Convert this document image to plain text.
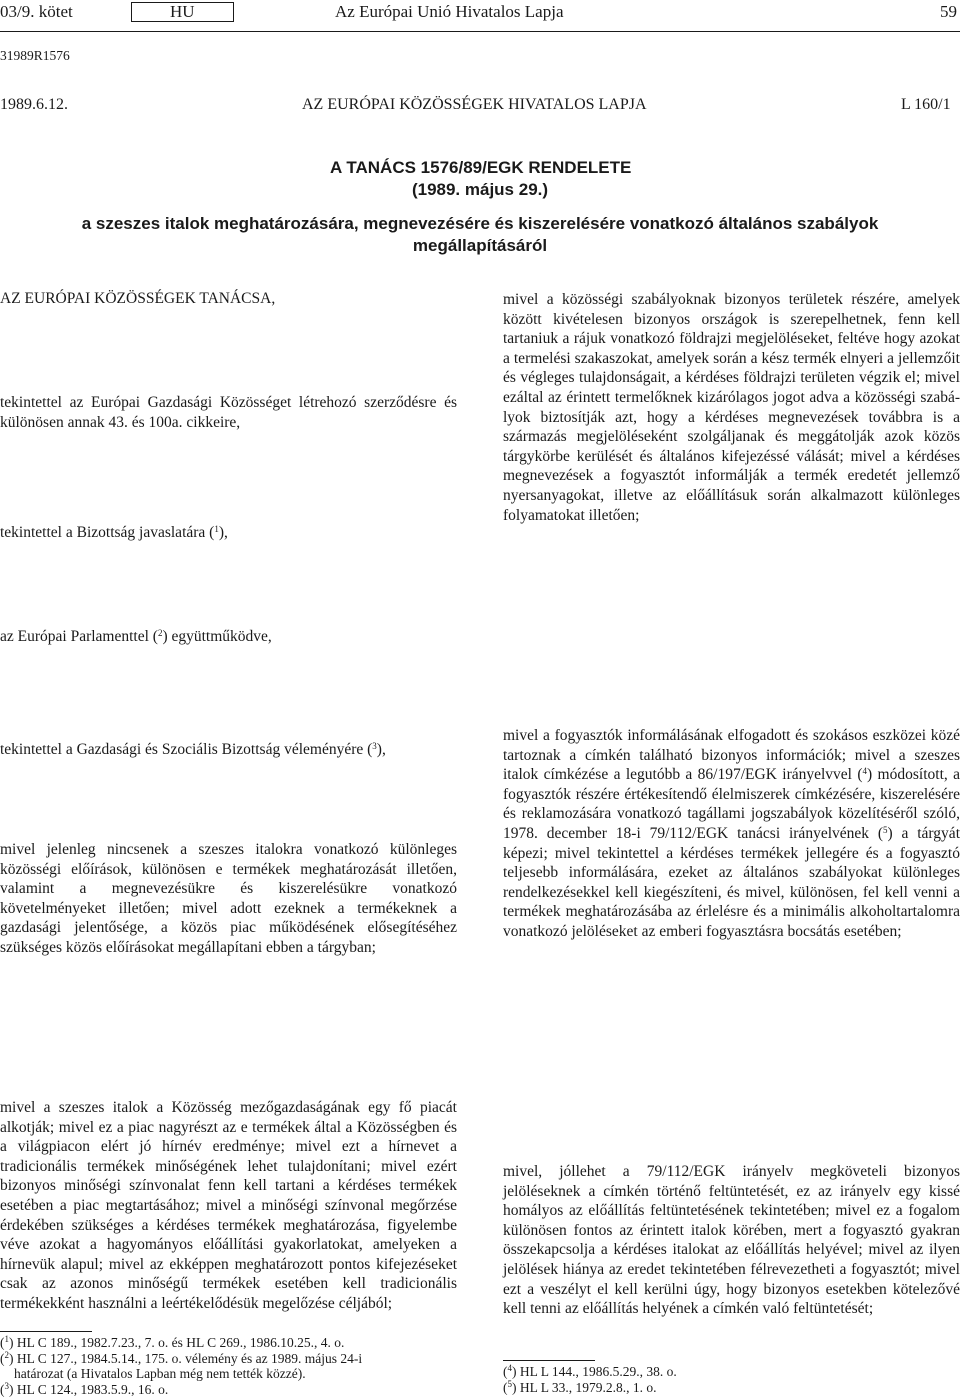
03/9. kötet	HU	Az Európai Unió Hivatalos Lapja	59
31989R1576
1989.6.12.	AZ EURÓPAI KÖZÖSSÉGEK HIVATALOS LAPJA	L 160/1
A TANÁCS 1576/89/EGK RENDELETE
(1989. május 29.)
a szeszes italok meghatározására, megnevezésére és kiszerelésére vonatkozó általános szabályok
megállapításáról
AZ EURÓPAI KÖZÖSSÉGEK TANÁCSA,

tekintettel az Európai Gazdasági Közösséget létrehozó szerződésre és különösen annak 43. és 100a. cikkeire,

tekintettel a Bizottság javaslatára ($^1$),
az Európai Parlamenttel ($^2$) együttműködve,
tekintettel a Gazdasági és Szociális Bizottság véleményére ($^3$),

mivel jelenleg nincsenek a szeszes italokra vonatkozó különleges közösségi előírások, különösen e termékek meghatározását illetően, valamint a megnevezésükre és kiszerelésükre vonatkozó követelményeket illetően; mivel adott ezeknek a termékeknek a gazdasági jelentősége, a közös piac működésének elősegítéséhez szükséges közös előírásokat megállapítani ebben a tárgyban;

mivel a szeszes italok a Közösség mezőgazdaságának egy fő piacát alkotják; mivel ez a piac nagyrészt az e termékek által a Közösségben és a világpiacon elért jó hírnév eredménye; mivel ezt a hírnevet a tradicionális termékek minőségének lehet tulajdonítani; mivel ezért bizonyos minőségi színvonalat fenn kell tartani a kérdéses termékek esetében a piac megtartásához; mivel a minőségi színvonal megőrzése érdekében szükséges a kérdéses termékek meghatározása, figyelembe véve azokat a hagyományos előállítási gyakorlatokat, amelyeken a hírnevük alapul; mivel az ekképpen meghatározott pontos kifejezéseket csak az azonos minőségű termékek esetében kell tradicionális termékekként használni a leértékelődésük megelőzése céljából;

mivel a közösségi szabályoknak bizonyos területek részére, amelyek között kivételesen bizonyos országok is szerepelhetnek, fenn kell tartaniuk a rájuk vonatkozó földrajzi megjelöléseket, feltéve hogy azokat a termelési szakaszokat, amelyek során a kész termék elnyeri a jellemzőit és végleges tulajdonságait, a kérdéses földrajzi területen végzik el; mivel ezáltal az érintett termelőknek kizárólagos jogot adva a közösségi szabályok biztosítják azt, hogy a kérdéses megnevezések továbbra is a származás megjelöléseként szolgáljanak és meggátolják azok közös tárgykörbe kerülését és általános kifejezéssé válását; mivel a kérdéses megnevezések a fogyasztót informálják a termék eredetét jellemző nyersanyagokat, illetve az előállításuk során alkalmazott különleges folyamatokat illetően;

mivel a fogyasztók informálásának elfogadott és szokásos eszközei közé tartoznak a címkén található bizonyos információk; mivel a szeszes italok címkézése a legutóbb a 86/197/EGK irányelvvel ($^4$) módosított, a fogyasztók részére értékesítendő élelmiszerek címkézésére, kiszerelésére és reklamozására vonatkozó tagállami jogszabályok közelítéséről szóló, 1978. december 18-i 79/112/EGK tanácsi irányelvének ($^5$) a tárgyát képezi; mivel tekintettel a kérdéses termékek jellegére és a fogyasztó teljesebb informálására, ezeket az általános szabályokat különleges rendelkezésekkel kell kiegészíteni, és mivel, különösen, fel kell venni a termékek meghatározásába az érlelésre és a minimális alkoholtartalomra vonatkozó jelöléseket az emberi fogyasztásra bocsátás esetében;

mivel, jóllehet a 79/112/EGK irányelv megköveteli bizonyos jelöléseknek a címkén történő feltüntetését, ez az irányelv egy kissé homályos az előállítás feltüntetésének tekintetében; mivel ez a fogalom különösen fontos az érintett italok körében, mert a fogyasztó gyakran összekapcsolja a kérdéses italokat az előállítás helyével; mivel az ilyen jelölések hiánya az eredet tekintetében félrevezetheti a fogyasztót; mivel ezt a veszélyt el kell kerülni úgy, hogy bizonyos esetekben kötelezővé kell tenni az előállítás helyének a címkén való feltüntetését;

($^1$) HL C 189., 1982.7.23., 7. o. és HL C 269., 1986.10.25., 4. o.

($^2$) HL C 127., 1984.5.14., 175. o. vélemény és az 1989. május 24-i

határozat (a Hivatalos Lapban még nem tették közzé).

($^3$) HL C 124., 1983.5.9., 16. o.

($^4$) HL L 144., 1986.5.29., 38. o.

($^5$) HL L 33., 1979.2.8., 1. o.
